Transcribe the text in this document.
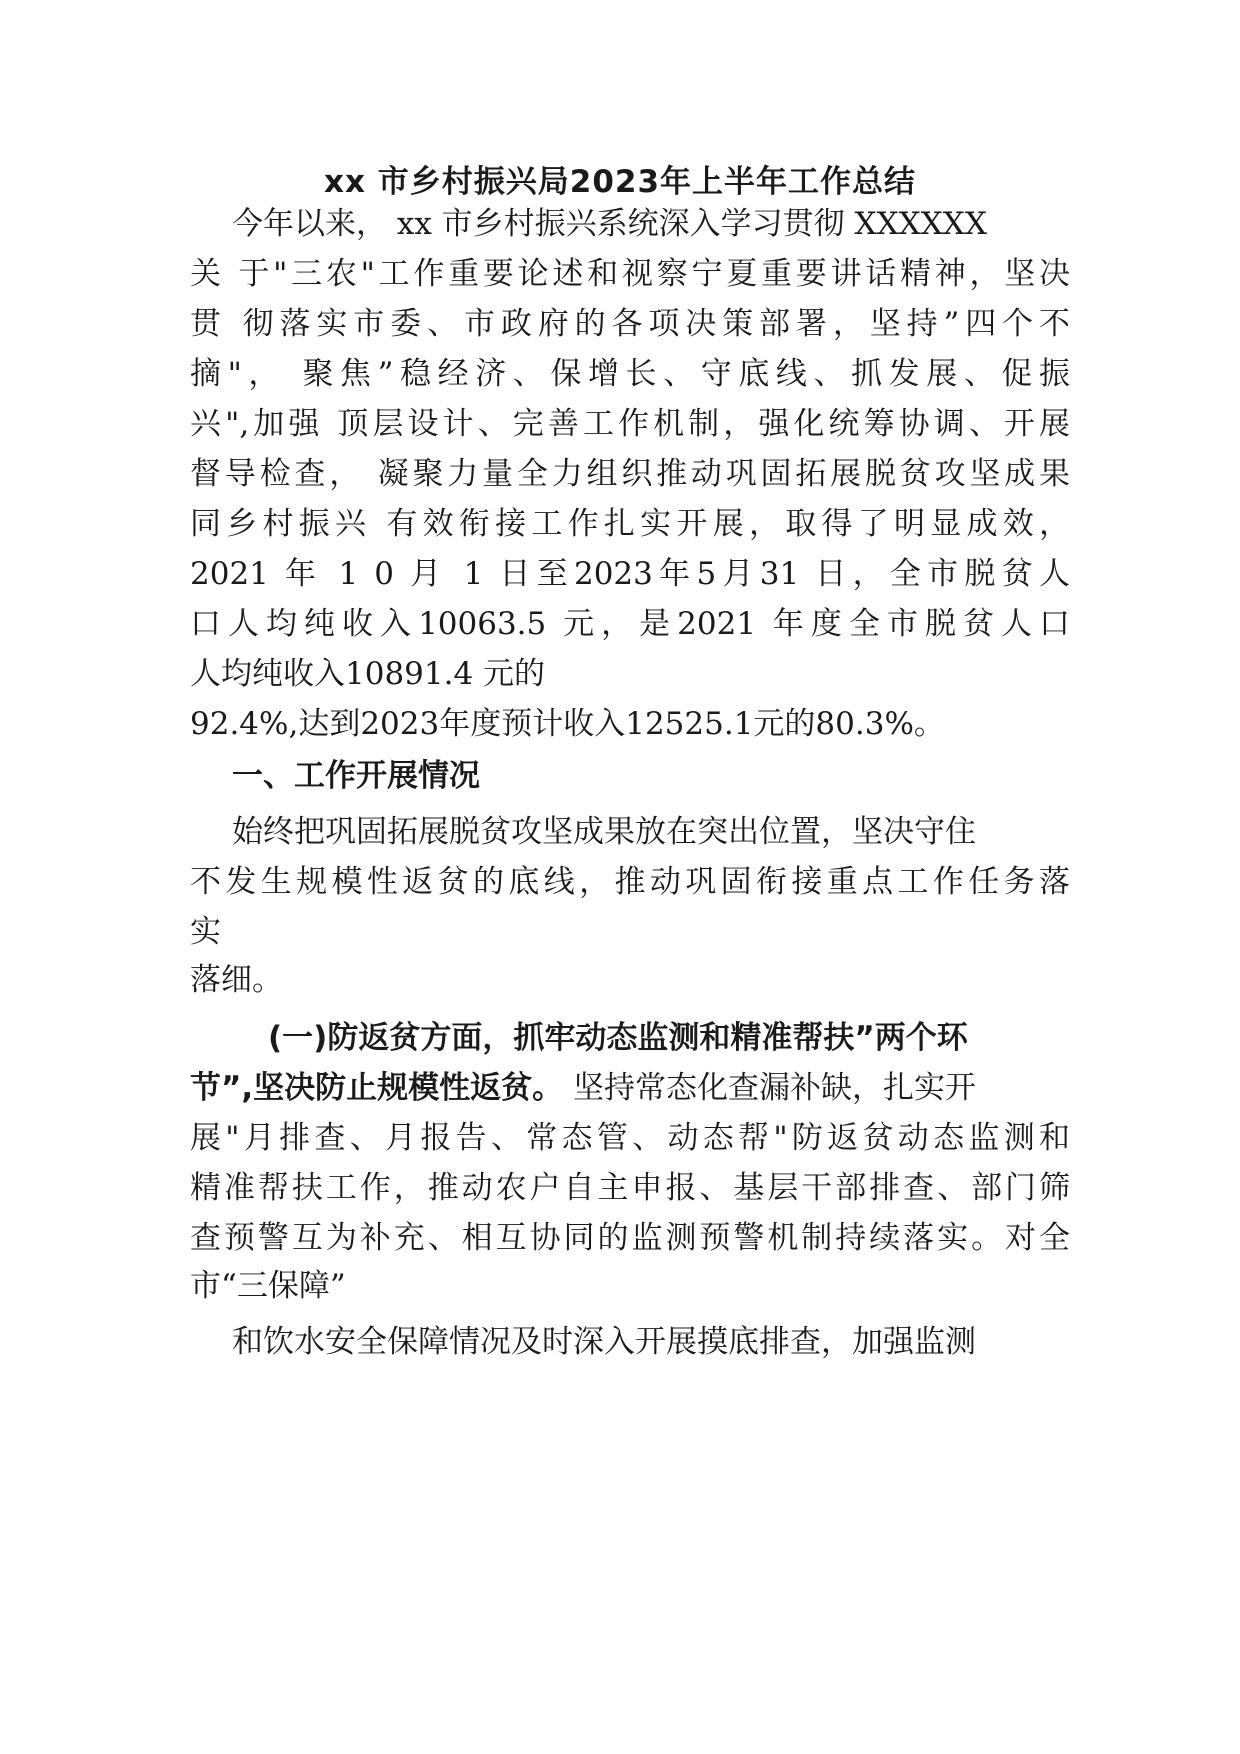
xx 市乡村振兴局2023年上半年工作总结
今年以来， xx 市乡村振兴系统深入学习贯彻 XXXXXX
关 于"三农"工作重要论述和视察宁夏重要讲话精神，坚决
贯 彻落实市委、市政府的各项决策部署，坚持”四个不
摘"， 聚焦”稳经济、保增长、守底线、抓发展、促振
兴",加强 顶层设计、完善工作机制，强化统筹协调、开展
督导检查， 凝聚力量全力组织推动巩固拓展脱贫攻坚成果
同乡村振兴 有效衔接工作扎实开展，取得了明显成效，
2021 年 1 0 月 1 日至2023年5月31 日，全市脱贫人
口人均纯收入10063.5 元，是2021 年度全市脱贫人口
人均纯收入10891.4 元的
92.4%,达到2023年度预计收入12525.1元的80.3%。
一、工作开展情况
始终把巩固拓展脱贫攻坚成果放在突出位置，坚决守住
不发生规模性返贫的底线，推动巩固衔接重点工作任务落
实
落细。
(一)防返贫方面，抓牢动态监测和精准帮扶”两个环
节”,坚决防止规模性返贫。 坚持常态化查漏补缺，扎实开
展"月排查、月报告、常态管、动态帮"防返贫动态监测和
精准帮扶工作，推动农户自主申报、基层干部排查、部门筛
查预警互为补充、相互协同的监测预警机制持续落实。对全
市“三保障”
和饮水安全保障情况及时深入开展摸底排查，加强监测
